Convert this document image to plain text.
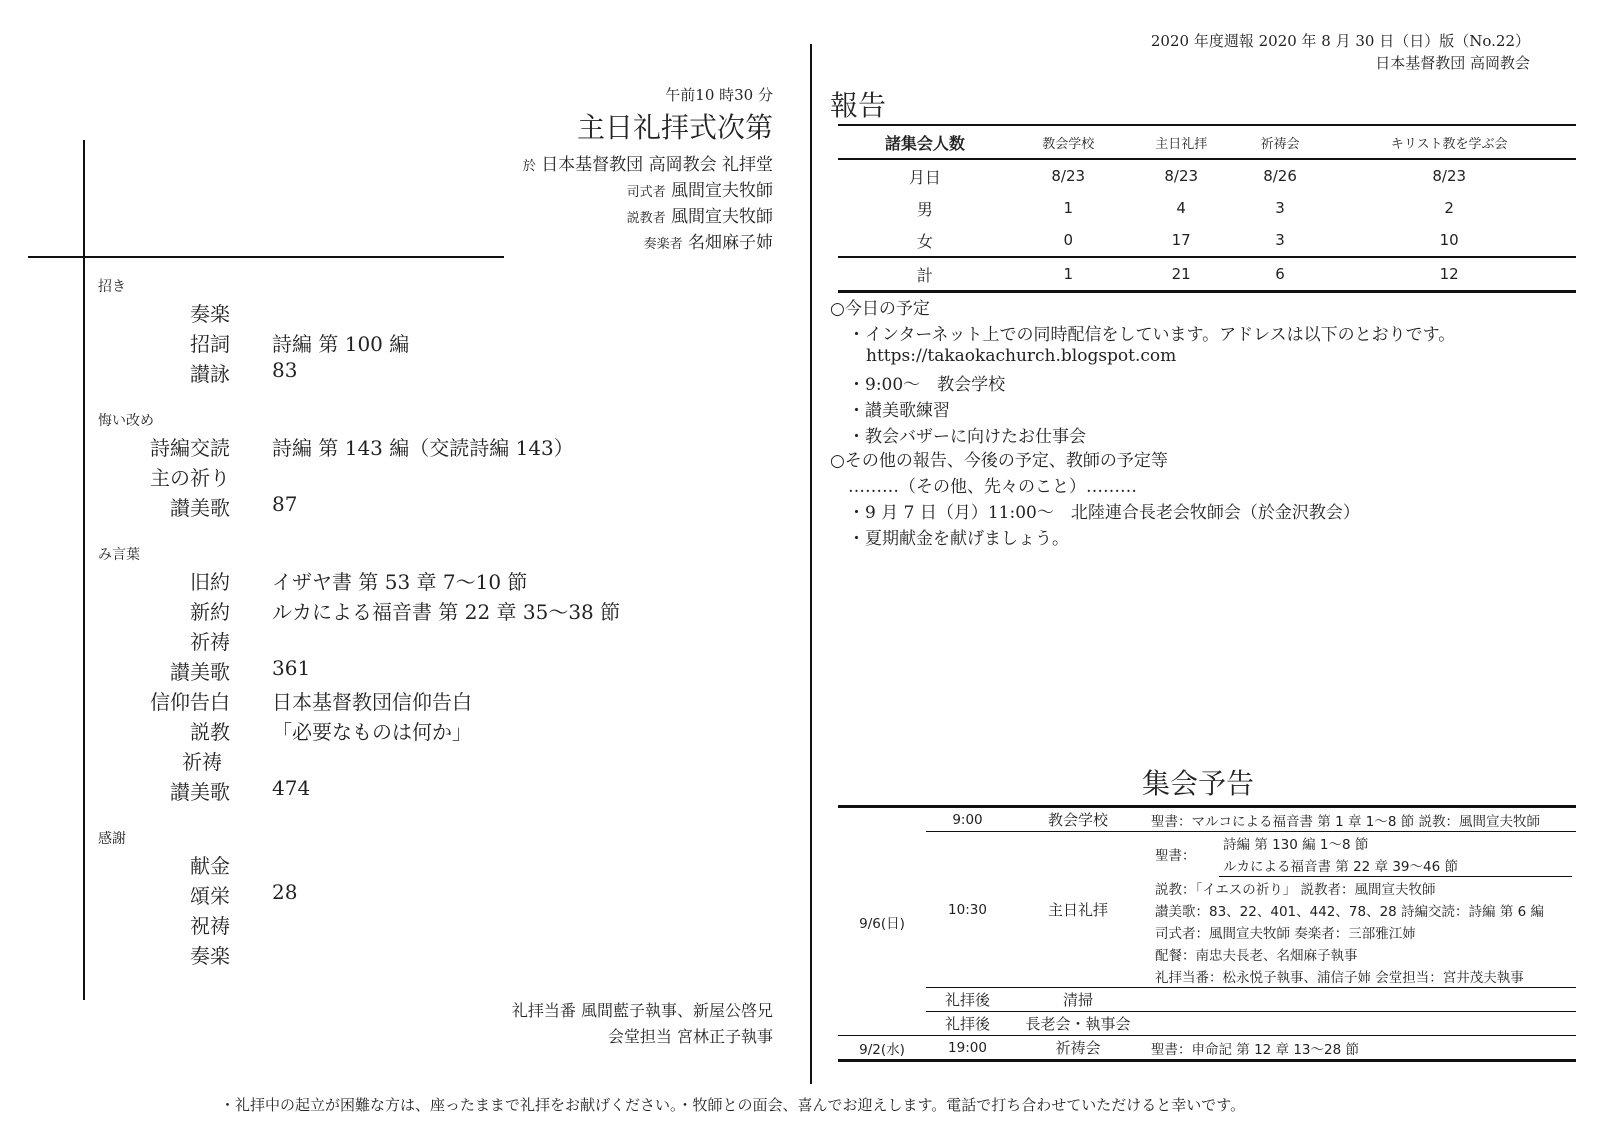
2020 年度週報 2020 年 8 月 30 日（日）版（No.22）
日本基督教団 高岡教会
午前10 時30 分
主日礼拝式次第
於 日本基督教団 高岡教会 礼拝堂
司式者 風間宣夫牧師
説教者 風間宣夫牧師
奏楽者 名畑麻子姉
招き
奏楽
招詞 詩編 第 100 編
讃詠 83
悔い改め
詩編交読 詩編 第 143 編（交読詩編 143）
主の祈り
讃美歌 87
み言葉
旧約 イザヤ書 第 53 章 7～10 節
新約 ルカによる福音書 第 22 章 35～38 節
祈祷
讃美歌 361
信仰告白 日本基督教団信仰告白
説教 「必要なものは何か」
祈祷
讃美歌 474
感謝
献金
頌栄 28
祝祷
奏楽
礼拝当番 風間藍子執事、新屋公啓兄
会堂担当 宮林正子執事
報告
諸集会人数	教会学校	主日礼拝	祈祷会	キリスト教を学ぶ会
月日	8/23	8/23	8/26	8/23
男	1	4	3	2
女	0	17	3	10
計	1	21	6	12
○今日の予定
・インターネット上での同時配信をしています。アドレスは以下のとおりです。
https://takaokachurch.blogspot.com
・9:00～　教会学校
・讃美歌練習
・教会バザーに向けたお仕事会
○その他の報告、今後の予定、教師の予定等
………（その他、先々のこと）………
・9 月 7 日（月）11:00～　北陸連合長老会牧師会（於金沢教会）
・夏期献金を献げましょう。
集会予告
9/6(日)	9:00	教会学校	聖書：マルコによる福音書 第 1 章 1～8 節 説教：風間宣夫牧師
10:30	主日礼拝	
聖書：	詩編 第 130 編 1～8 節
ルカによる福音書 第 22 章 39～46 節
説教：「イエスの祈り」 説教者：風間宣夫牧師
讃美歌：83、22、401、442、78、28 詩編交読：詩編 第 6 編
司式者：風間宣夫牧師 奏楽者：三部雅江姉
配餐：南忠夫長老、名畑麻子執事
礼拝当番：松永悦子執事、浦信子姉 会堂担当：宮井茂夫執事

礼拝後	清掃	
礼拝後	長老会・執事会	
9/2(水)	19:00	祈祷会	聖書：申命記 第 12 章 13～28 節
・礼拝中の起立が困難な方は、座ったままで礼拝をお献げください。・牧師との面会、喜んでお迎えします。電話で打ち合わせていただけると幸いです。
